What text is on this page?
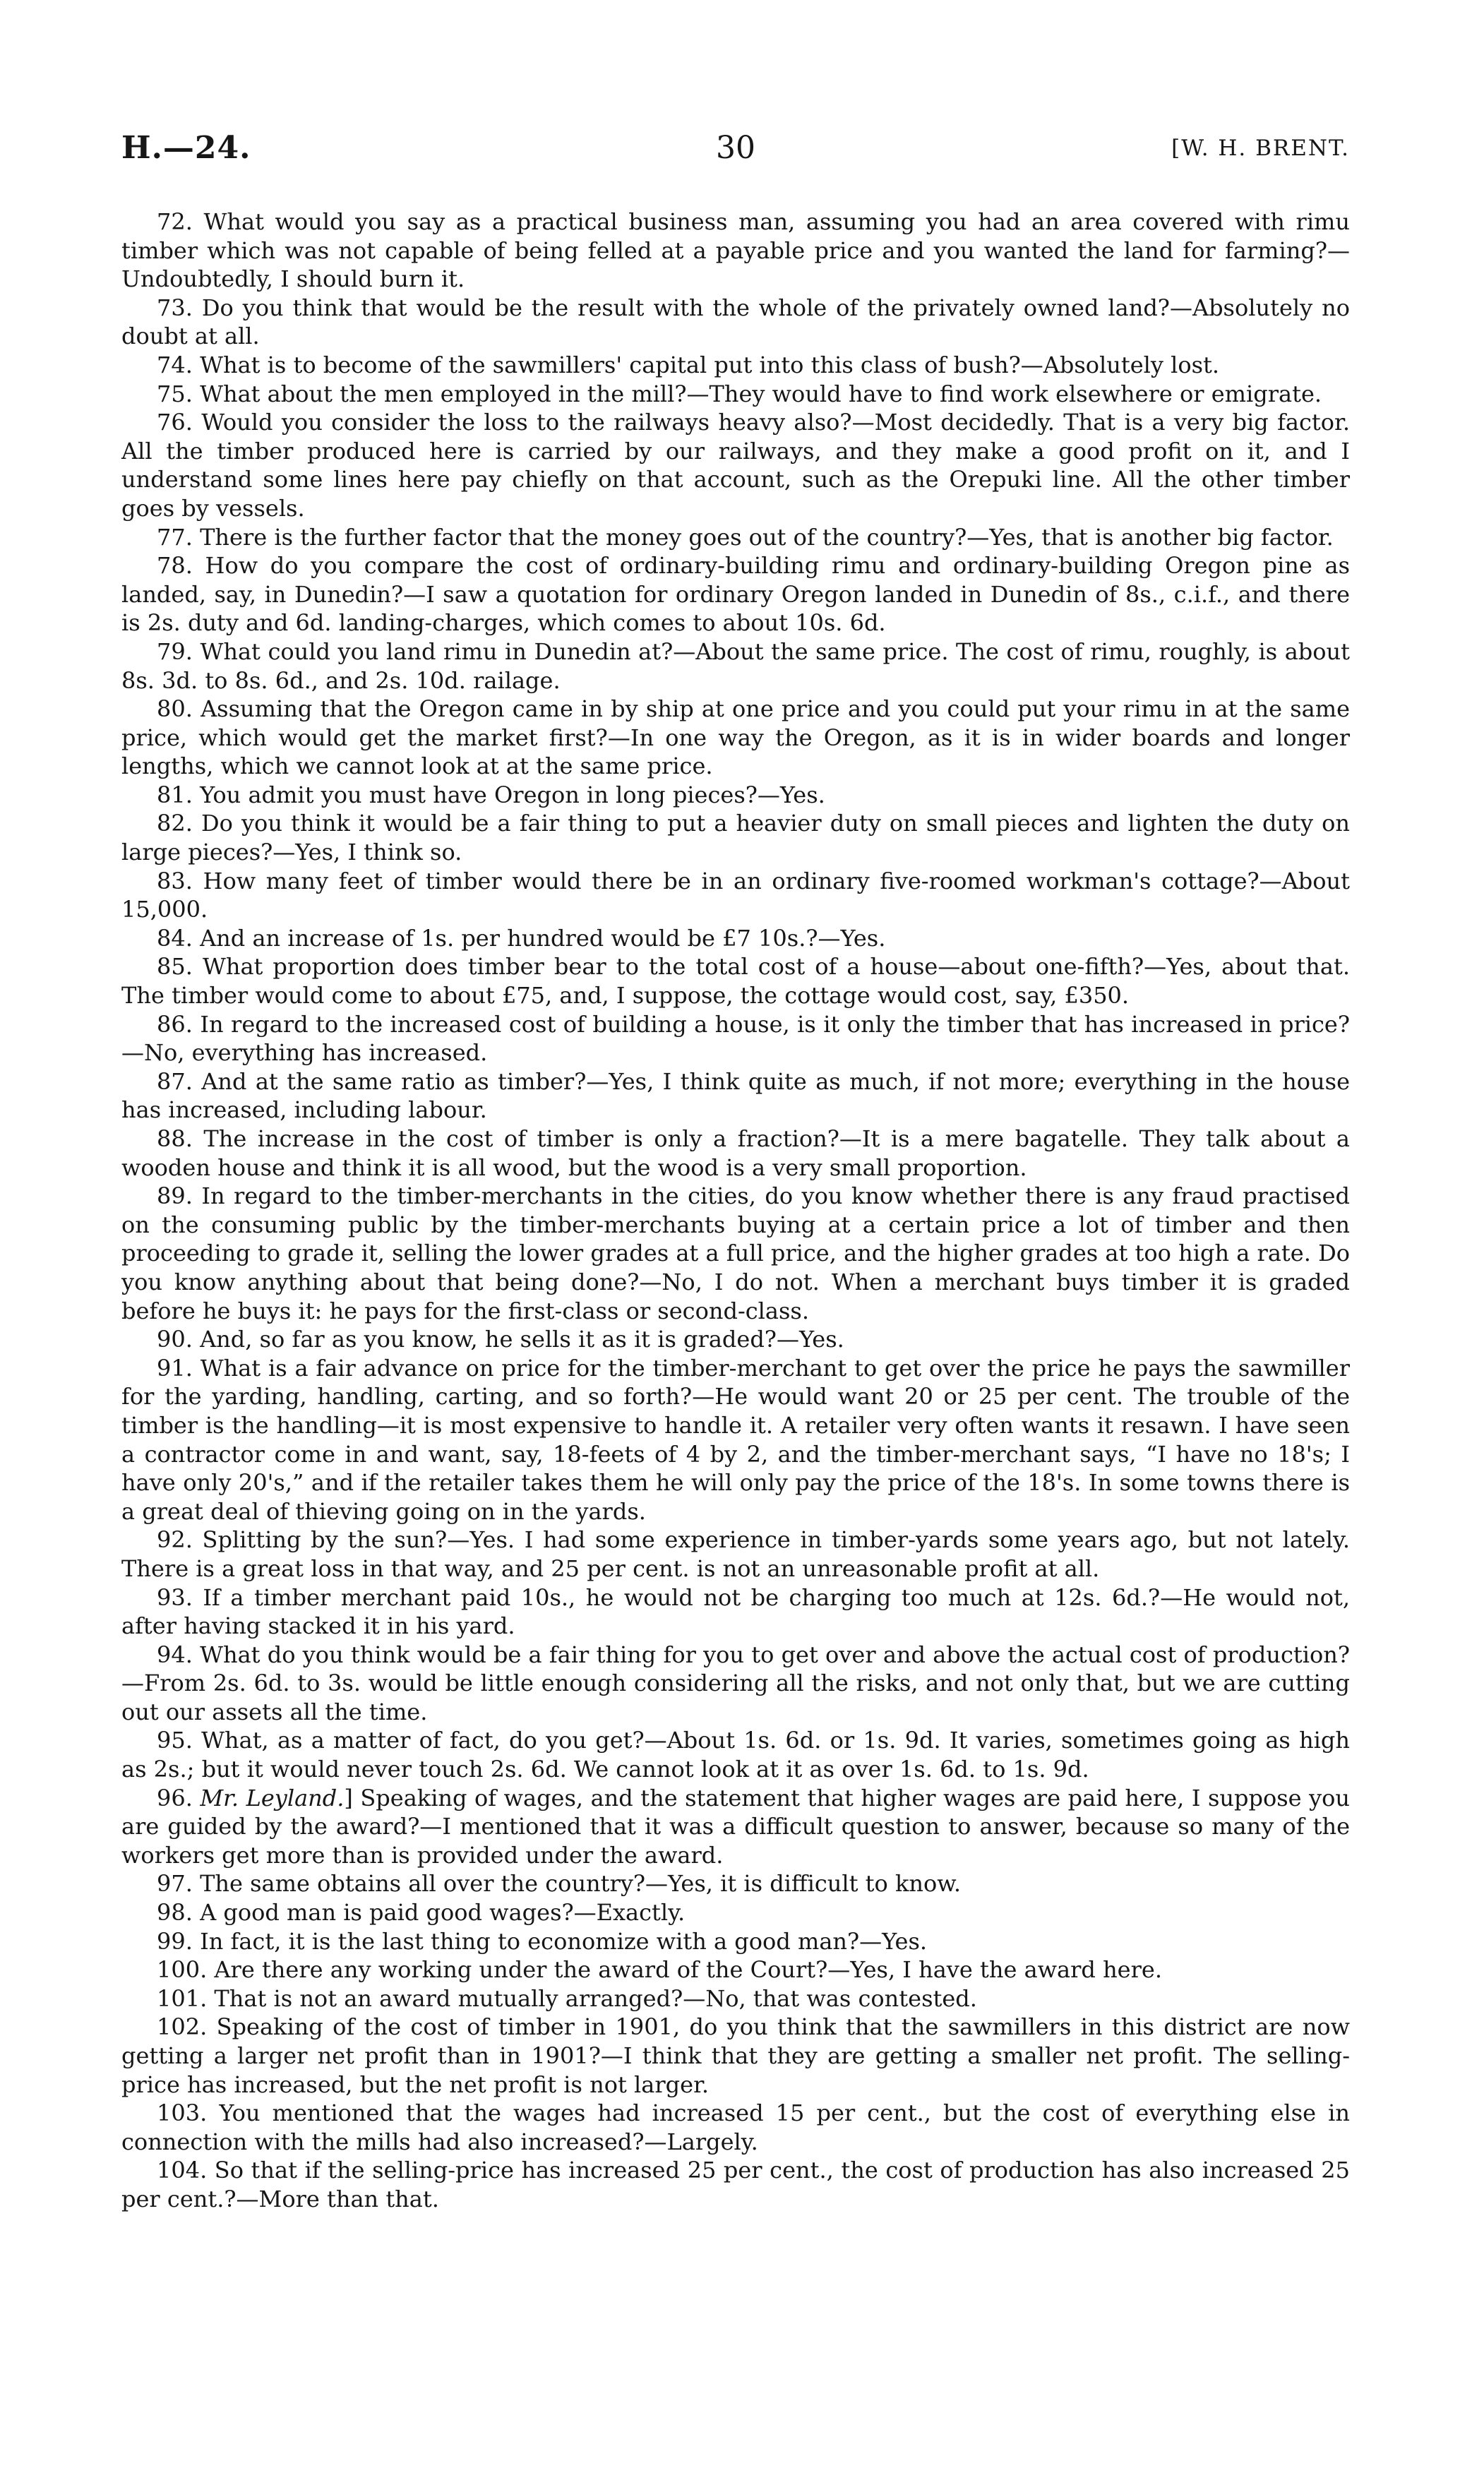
H.—24.	30	[W. H. BRENT.

72. What would you say as a practical business man, assuming you had an area covered with rimu timber which was not capable of being felled at a payable price and you wanted the land for farming?—Undoubtedly, I should burn it.

73. Do you think that would be the result with the whole of the privately owned land?—Absolutely no doubt at all.

74. What is to become of the sawmillers' capital put into this class of bush?—Absolutely lost.

75. What about the men employed in the mill?—They would have to find work elsewhere or emigrate.

76. Would you consider the loss to the railways heavy also?—Most decidedly. That is a very big factor. All the timber produced here is carried by our railways, and they make a good profit on it, and I understand some lines here pay chiefly on that account, such as the Orepuki line. All the other timber goes by vessels.

77. There is the further factor that the money goes out of the country?—Yes, that is another big factor.

78. How do you compare the cost of ordinary-building rimu and ordinary-building Oregon pine as landed, say, in Dunedin?—I saw a quotation for ordinary Oregon landed in Dunedin of 8s., c.i.f., and there is 2s. duty and 6d. landing-charges, which comes to about 10s. 6d.

79. What could you land rimu in Dunedin at?—About the same price. The cost of rimu, roughly, is about 8s. 3d. to 8s. 6d., and 2s. 10d. railage.

80. Assuming that the Oregon came in by ship at one price and you could put your rimu in at the same price, which would get the market first?—In one way the Oregon, as it is in wider boards and longer lengths, which we cannot look at at the same price.

81. You admit you must have Oregon in long pieces?—Yes.

82. Do you think it would be a fair thing to put a heavier duty on small pieces and lighten the duty on large pieces?—Yes, I think so.

83. How many feet of timber would there be in an ordinary five-roomed workman's cottage?—About 15,000.

84. And an increase of 1s. per hundred would be £7 10s.?—Yes.

85. What proportion does timber bear to the total cost of a house—about one-fifth?—Yes, about that. The timber would come to about £75, and, I suppose, the cottage would cost, say, £350.

86. In regard to the increased cost of building a house, is it only the timber that has increased in price?—No, everything has increased.

87. And at the same ratio as timber?—Yes, I think quite as much, if not more; everything in the house has increased, including labour.

88. The increase in the cost of timber is only a fraction?—It is a mere bagatelle. They talk about a wooden house and think it is all wood, but the wood is a very small proportion.

89. In regard to the timber-merchants in the cities, do you know whether there is any fraud practised on the consuming public by the timber-merchants buying at a certain price a lot of timber and then proceeding to grade it, selling the lower grades at a full price, and the higher grades at too high a rate. Do you know anything about that being done?—No, I do not. When a merchant buys timber it is graded before he buys it: he pays for the first-class or second-class.

90. And, so far as you know, he sells it as it is graded?—Yes.

91. What is a fair advance on price for the timber-merchant to get over the price he pays the sawmiller for the yarding, handling, carting, and so forth?—He would want 20 or 25 per cent. The trouble of the timber is the handling—it is most expensive to handle it. A retailer very often wants it resawn. I have seen a contractor come in and want, say, 18-feets of 4 by 2, and the timber-merchant says, “I have no 18's; I have only 20's,” and if the retailer takes them he will only pay the price of the 18's. In some towns there is a great deal of thieving going on in the yards.

92. Splitting by the sun?—Yes. I had some experience in timber-yards some years ago, but not lately. There is a great loss in that way, and 25 per cent. is not an unreasonable profit at all.

93. If a timber merchant paid 10s., he would not be charging too much at 12s. 6d.?—He would not, after having stacked it in his yard.

94. What do you think would be a fair thing for you to get over and above the actual cost of production?—From 2s. 6d. to 3s. would be little enough considering all the risks, and not only that, but we are cutting out our assets all the time.

95. What, as a matter of fact, do you get?—About 1s. 6d. or 1s. 9d. It varies, sometimes going as high as 2s.; but it would never touch 2s. 6d. We cannot look at it as over 1s. 6d. to 1s. 9d.

96. Mr. Leyland.] Speaking of wages, and the statement that higher wages are paid here, I suppose you are guided by the award?—I mentioned that it was a difficult question to answer, because so many of the workers get more than is provided under the award.

97. The same obtains all over the country?—Yes, it is difficult to know.

98. A good man is paid good wages?—Exactly.

99. In fact, it is the last thing to economize with a good man?—Yes.

100. Are there any working under the award of the Court?—Yes, I have the award here.

101. That is not an award mutually arranged?—No, that was contested.

102. Speaking of the cost of timber in 1901, do you think that the sawmillers in this district are now getting a larger net profit than in 1901?—I think that they are getting a smaller net profit. The selling-price has increased, but the net profit is not larger.

103. You mentioned that the wages had increased 15 per cent., but the cost of everything else in connection with the mills had also increased?—Largely.

104. So that if the selling-price has increased 25 per cent., the cost of production has also increased 25 per cent.?—More than that.
